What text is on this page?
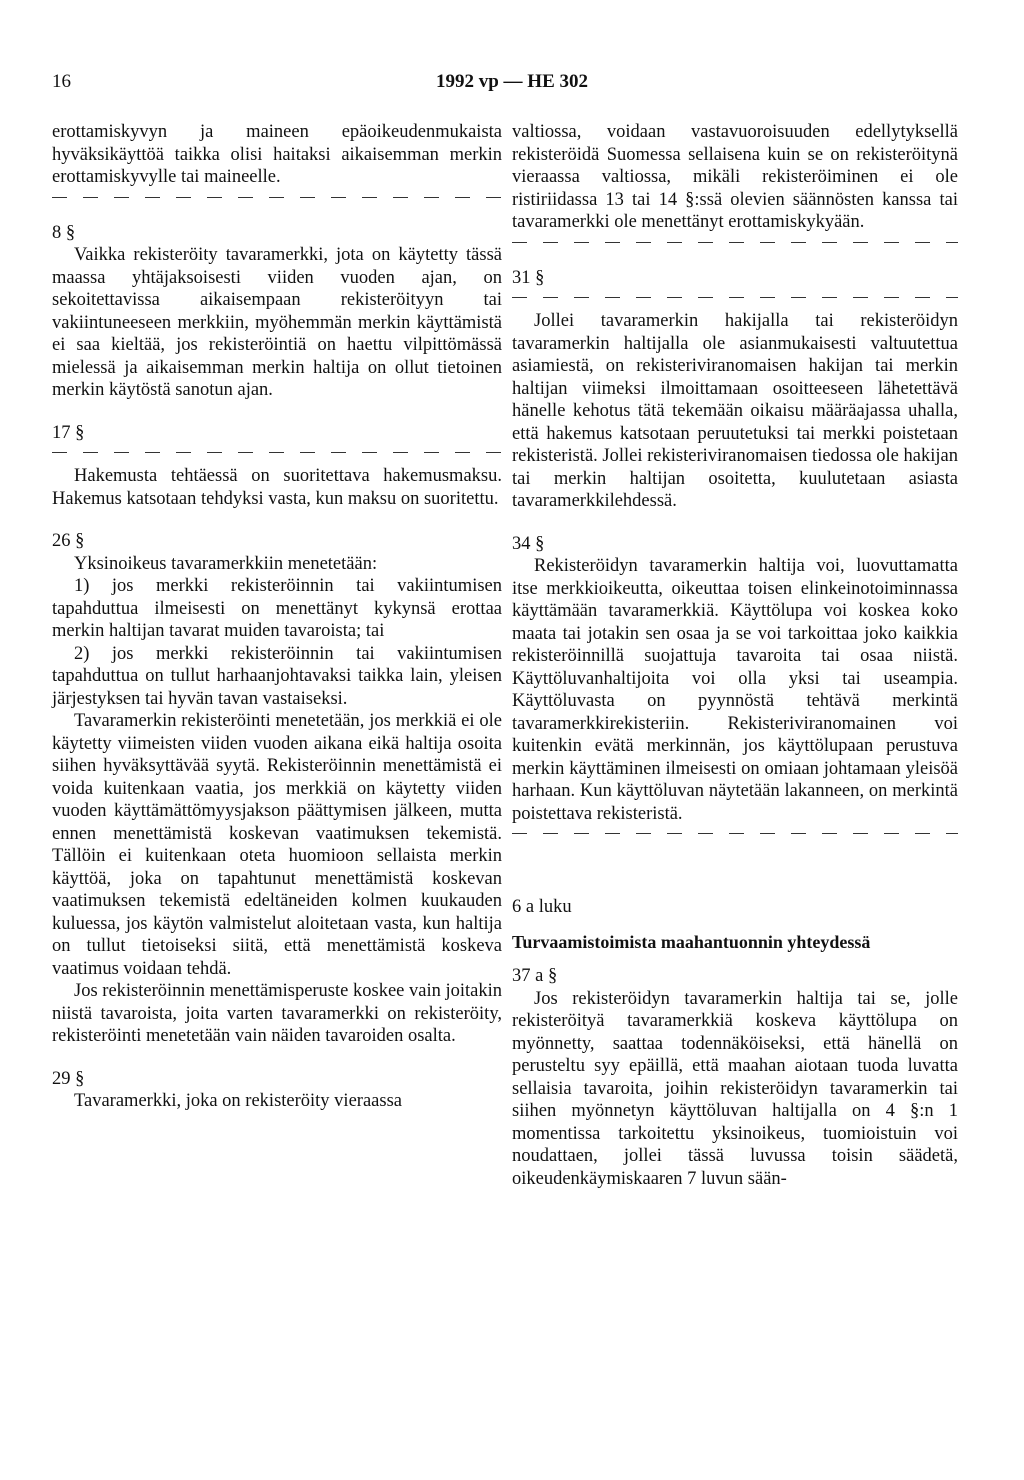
16	1992 vp — HE 302

erottamiskyvyn ja maineen epäoikeudenmukaista hyväksikäyttöä taikka olisi haitaksi aikaisemman merkin erottamiskyvylle tai maineelle.

8 §

Vaikka rekisteröity tavaramerkki, jota on käytetty tässä maassa yhtäjaksoisesti viiden vuoden ajan, on sekoitettavissa aikaisempaan rekisteröityyn tai vakiintuneeseen merkkiin, myöhemmän merkin käyttämistä ei saa kieltää, jos rekisteröintiä on haettu vilpittömässä mielessä ja aikaisemman merkin haltija on ollut tietoinen merkin käytöstä sanotun ajan.

17 §

Hakemusta tehtäessä on suoritettava hakemusmaksu. Hakemus katsotaan tehdyksi vasta, kun maksu on suoritettu.

26 §

Yksinoikeus tavaramerkkiin menetetään:

1) jos merkki rekisteröinnin tai vakiintumisen tapahduttua ilmeisesti on menettänyt kykynsä erottaa merkin haltijan tavarat muiden tavaroista; tai

2) jos merkki rekisteröinnin tai vakiintumisen tapahduttua on tullut harhaanjohtavaksi taikka lain, yleisen järjestyksen tai hyvän tavan vastaiseksi.

Tavaramerkin rekisteröinti menetetään, jos merkkiä ei ole käytetty viimeisten viiden vuoden aikana eikä haltija osoita siihen hyväksyttävää syytä. Rekisteröinnin menettämistä ei voida kuitenkaan vaatia, jos merkkiä on käytetty viiden vuoden käyttämättömyysjakson päättymisen jälkeen, mutta ennen menettämistä koskevan vaatimuksen tekemistä. Tällöin ei kuitenkaan oteta huomioon sellaista merkin käyttöä, joka on tapahtunut menettämistä koskevan vaatimuksen tekemistä edeltäneiden kolmen kuukauden kuluessa, jos käytön valmistelut aloitetaan vasta, kun haltija on tullut tietoiseksi siitä, että menettämistä koskeva vaatimus voidaan tehdä.

Jos rekisteröinnin menettämisperuste koskee vain joitakin niistä tavaroista, joita varten tavaramerkki on rekisteröity, rekisteröinti menetetään vain näiden tavaroiden osalta.

29 §

Tavaramerkki, joka on rekisteröity vieraassa

valtiossa, voidaan vastavuoroisuuden edellytyksellä rekisteröidä Suomessa sellaisena kuin se on rekisteröitynä vieraassa valtiossa, mikäli rekisteröiminen ei ole ristiriidassa 13 tai 14 §:ssä olevien säännösten kanssa tai tavaramerkki ole menettänyt erottamiskykyään.

31 §

Jollei tavaramerkin hakijalla tai rekisteröidyn tavaramerkin haltijalla ole asianmukaisesti valtuutettua asiamiestä, on rekisteriviranomaisen hakijan tai merkin haltijan viimeksi ilmoittamaan osoitteeseen lähetettävä hänelle kehotus tätä tekemään oikaisu määräajassa uhalla, että hakemus katsotaan peruutetuksi tai merkki poistetaan rekisteristä. Jollei rekisteriviranomaisen tiedossa ole hakijan tai merkin haltijan osoitetta, kuulutetaan asiasta tavaramerkkilehdessä.

34 §

Rekisteröidyn tavaramerkin haltija voi, luovuttamatta itse merkkioikeutta, oikeuttaa toisen elinkeinotoiminnassa käyttämään tavaramerkkiä. Käyttölupa voi koskea koko maata tai jotakin sen osaa ja se voi tarkoittaa joko kaikkia rekisteröinnillä suojattuja tavaroita tai osaa niistä. Käyttöluvanhaltijoita voi olla yksi tai useampia. Käyttöluvasta on pyynnöstä tehtävä merkintä tavaramerkkirekisteriin. Rekisteriviranomainen voi kuitenkin evätä merkinnän, jos käyttölupaan perustuva merkin käyttäminen ilmeisesti on omiaan johtamaan yleisöä harhaan. Kun käyttöluvan näytetään lakanneen, on merkintä poistettava rekisteristä.

6 a luku

Turvaamistoimista maahantuonnin yhteydessä

37 a §

Jos rekisteröidyn tavaramerkin haltija tai se, jolle rekisteröityä tavaramerkkiä koskeva käyttölupa on myönnetty, saattaa todennäköiseksi, että hänellä on perusteltu syy epäillä, että maahan aiotaan tuoda luvatta sellaisia tavaroita, joihin rekisteröidyn tavaramerkin tai siihen myönnetyn käyttöluvan haltijalla on 4 §:n 1 momentissa tarkoitettu yksinoikeus, tuomioistuin voi noudattaen, jollei tässä luvussa toisin säädetä, oikeudenkäymiskaaren 7 luvun sään-
